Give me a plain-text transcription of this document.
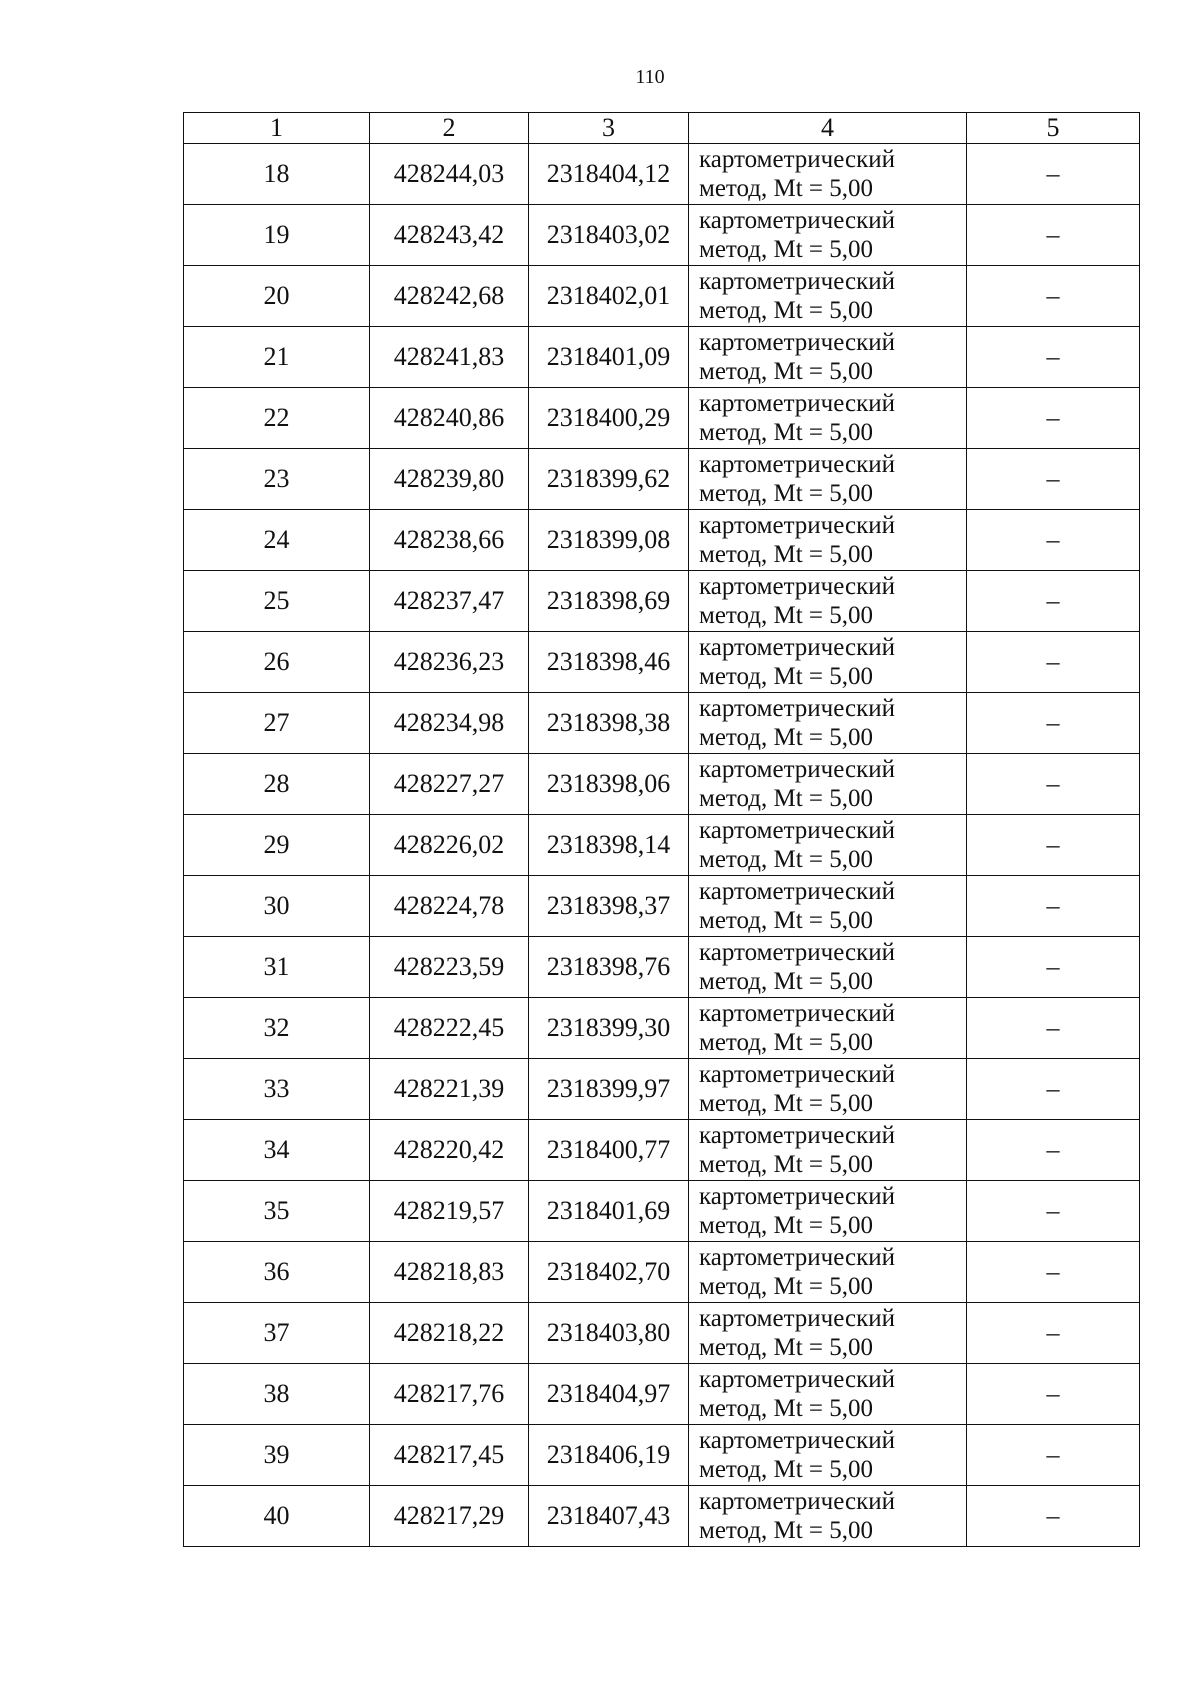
110
1	2	3	4	5
18	428244,03	2318404,12	картометрический
метод, Mt = 5,00	–
19	428243,42	2318403,02	картометрический
метод, Mt = 5,00	–
20	428242,68	2318402,01	картометрический
метод, Mt = 5,00	–
21	428241,83	2318401,09	картометрический
метод, Mt = 5,00	–
22	428240,86	2318400,29	картометрический
метод, Mt = 5,00	–
23	428239,80	2318399,62	картометрический
метод, Mt = 5,00	–
24	428238,66	2318399,08	картометрический
метод, Mt = 5,00	–
25	428237,47	2318398,69	картометрический
метод, Mt = 5,00	–
26	428236,23	2318398,46	картометрический
метод, Mt = 5,00	–
27	428234,98	2318398,38	картометрический
метод, Mt = 5,00	–
28	428227,27	2318398,06	картометрический
метод, Mt = 5,00	–
29	428226,02	2318398,14	картометрический
метод, Mt = 5,00	–
30	428224,78	2318398,37	картометрический
метод, Mt = 5,00	–
31	428223,59	2318398,76	картометрический
метод, Mt = 5,00	–
32	428222,45	2318399,30	картометрический
метод, Mt = 5,00	–
33	428221,39	2318399,97	картометрический
метод, Mt = 5,00	–
34	428220,42	2318400,77	картометрический
метод, Mt = 5,00	–
35	428219,57	2318401,69	картометрический
метод, Mt = 5,00	–
36	428218,83	2318402,70	картометрический
метод, Mt = 5,00	–
37	428218,22	2318403,80	картометрический
метод, Mt = 5,00	–
38	428217,76	2318404,97	картометрический
метод, Mt = 5,00	–
39	428217,45	2318406,19	картометрический
метод, Mt = 5,00	–
40	428217,29	2318407,43	картометрический
метод, Mt = 5,00	–
